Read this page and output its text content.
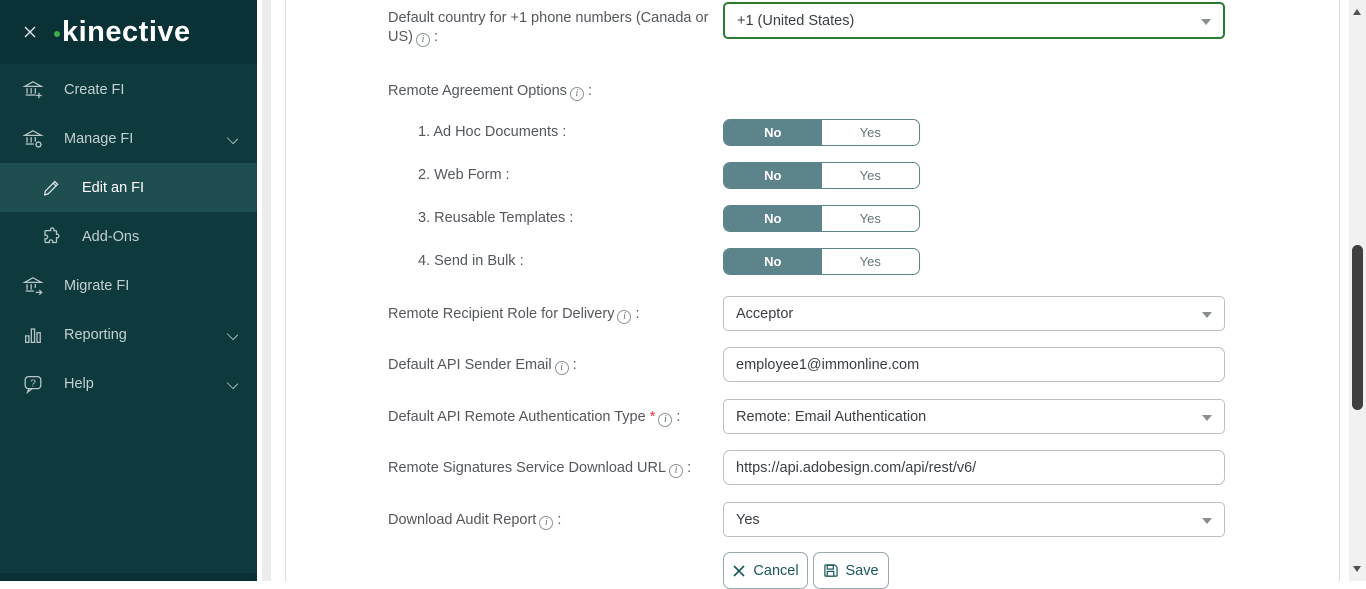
kinective
Create FI
Manage FI
Edit an FI
Add-Ons
Migrate FI
Reporting
? Help
Default country for +1 phone numbers (Canada or US) i :
+1 (United States)
Remote Agreement Options i :
1. Ad Hoc Documents :	No	Yes
2. Web Form :	No	Yes
3. Reusable Templates :	No	Yes
4. Send in Bulk :	No	Yes
Remote Recipient Role for Delivery i :	Acceptor
Default API Sender Email i :
employee1@immonline.com
Default API Remote Authentication Type * i :	Remote: Email Authentication
Remote Signatures Service Download URL i :
https://api.adobesign.com/api/rest/v6/
Download Audit Report i :	Yes
Cancel	Save
